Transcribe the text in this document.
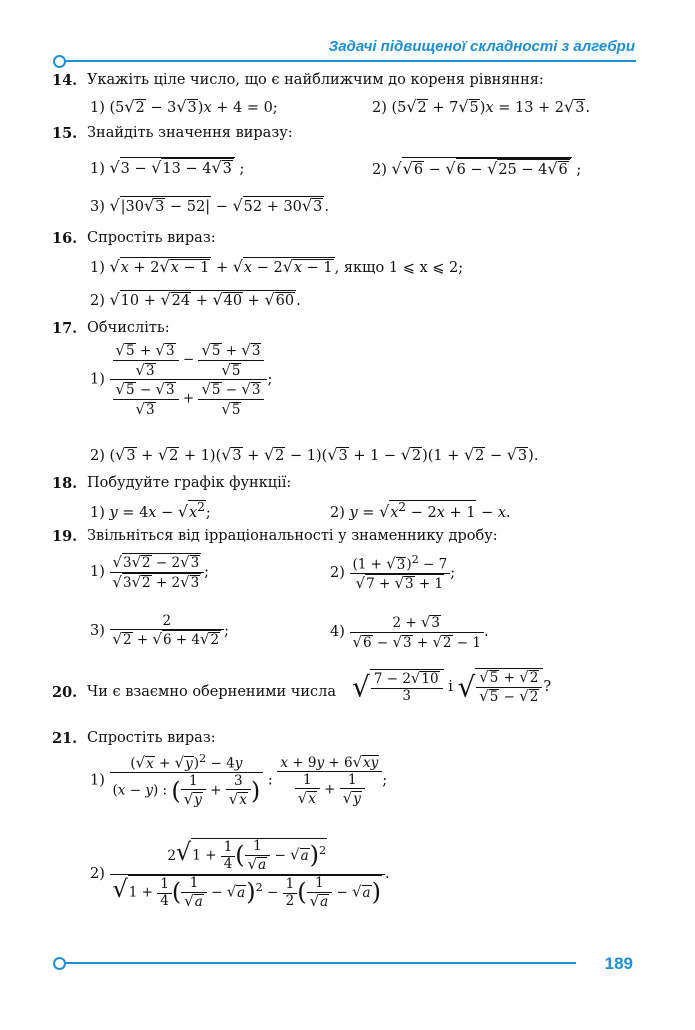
Задачі підвищеної складності з алгебри
14. Укажіть ціле число, що є найближчим до кореня рівняння:
1) (5√2 − 3√3)x + 4 = 0;	2) (5√2 + 7√5)x = 13 + 2√3.
15. Знайдіть значення виразу:
1) √3 − √13 − 4√3 ;	2) √√6 − √6 − √25 − 4√6 ;
3) √|30√3 − 52| − √52 + 30√3 .
16. Спростіть вираз:
1) √x + 2√x − 1 + √x − 2√x − 1 , якщо 1 ⩽ x ⩽ 2;
2) √10 + √24 + √40 + √60 .
17. Обчисліть:
$1) \frac{\frac{√5 + √3}{√3} - \frac{√5 + √3}{√5}}{\frac{√5 - √3}{√3} + \frac{√5 - √3}{√5}}$ ;
2) (√3 + √2 + 1)(√3 + √2 − 1)(√3 + 1 − √2)(1 + √2 − √3).
18. Побудуйте графік функції:
1) $y = 4x - √x^2$;	2) $y = √x^2 - 2x + 1 - x$.
19. Звільніться від ірраціональності у знаменнику дробу:
$1) \frac{√3√2 - 2√3}{√3√2 + 2√3}$ ;	$2) \frac{(1 + √3)^2 - 7}{√7 + √3 + 1}$ ;
$3) \frac{2}{√2 + √6 + 4√2}$ ;	$4) \frac{2 + √3}{√6 - √3 + √2 - 1}$ .
20. Чи є взаємно оберненими числа √ $\frac{7 - 2√10}{3}$ і √ $\frac{√5 + √2}{√5 - √2}$ ?
21. Спростіть вираз:
$1) \frac{(√x + √y)^2 - 4y}{(x - y) : ( \frac{1}{√y} + \frac{3}{√x} )}$ : $\frac{x + 9y + 6√xy}{\frac{1}{√x} + \frac{1}{√y}}$ ;
$2) \frac{2√1 + \frac{1}{4} ( \frac{1}{√a} - √a)^2}{√1 + \frac{1}{4} ( \frac{1}{√a} - √a)^2 - \frac{1}{2} ( \frac{1}{√a} - √a)}$ .
189
